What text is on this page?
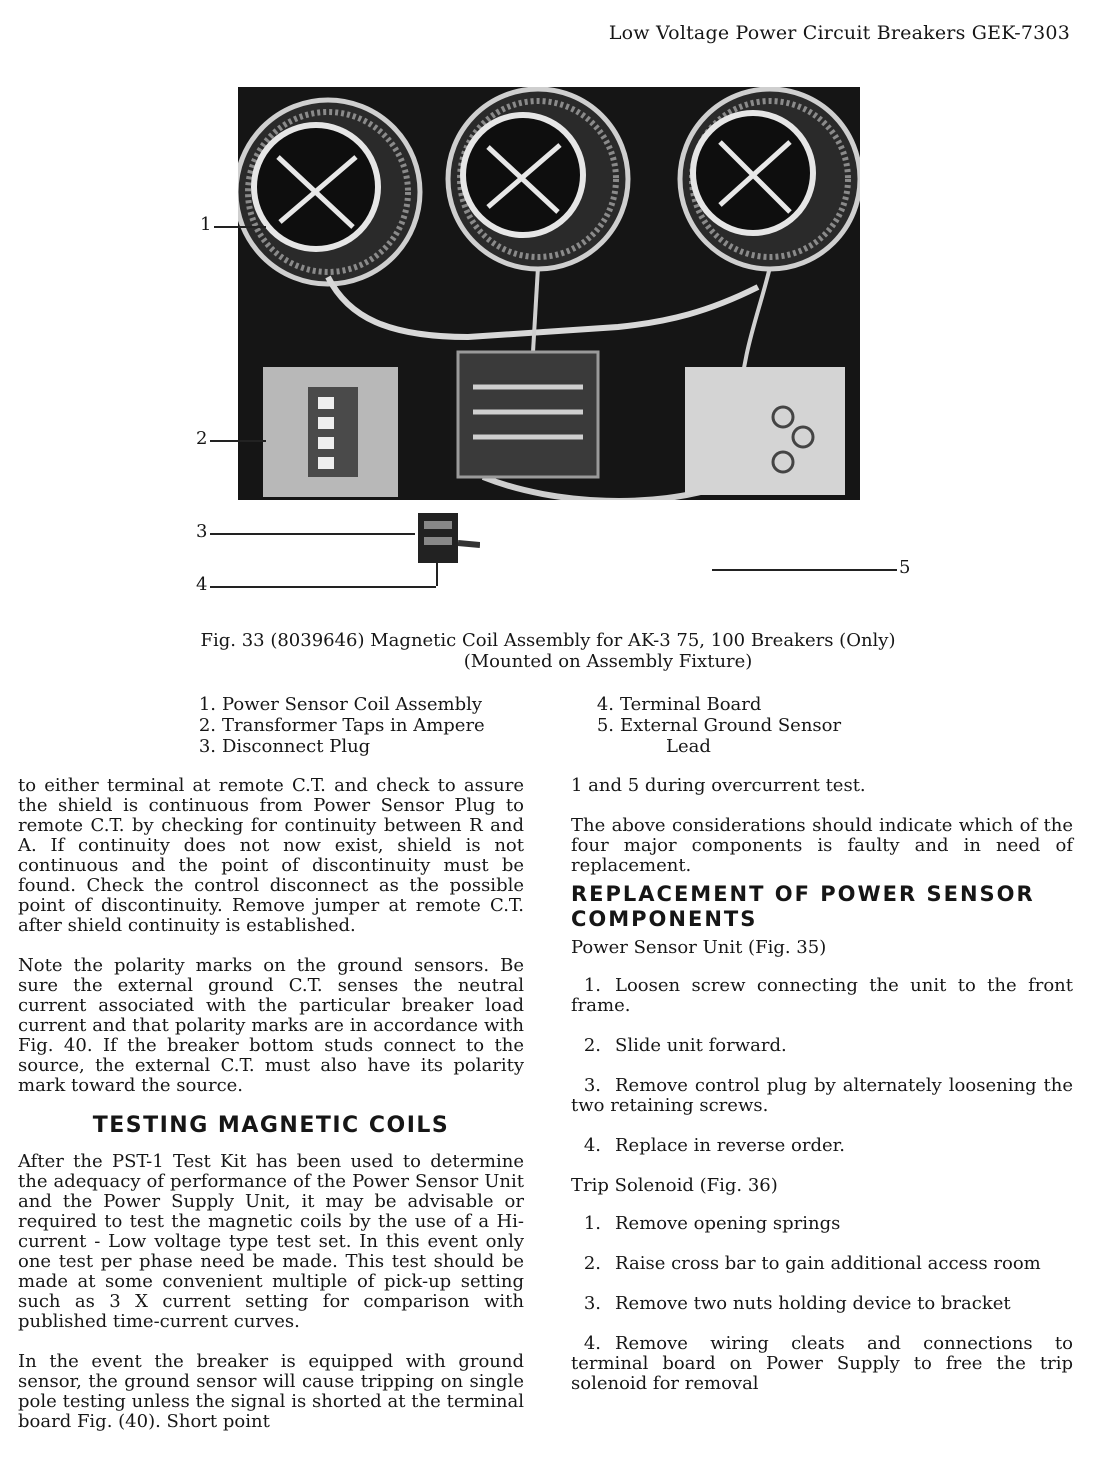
Low Voltage Power Circuit Breakers GEK-7303
1
2
3
4
5
Fig. 33 (8039646) Magnetic Coil Assembly for AK-3 75, 100 Breakers (Only)

(Mounted on Assembly Fixture)
1. Power Sensor Coil Assembly
2. Transformer Taps in Ampere
3. Disconnect Plug
4. Terminal Board
5. External Ground Sensor
Lead

to either terminal at remote C.T. and check to assure the shield is continuous from Power Sensor Plug to remote C.T. by checking for continuity between R and A. If continuity does not now exist, shield is not continuous and the point of discontinuity must be found. Check the control disconnect as the possible point of discontinuity. Remove jumper at remote C.T. after shield continuity is established.

Note the polarity marks on the ground sensors. Be sure the external ground C.T. senses the neutral current associated with the particular breaker load current and that polarity marks are in accordance with Fig. 40. If the breaker bottom studs connect to the source, the external C.T. must also have its polarity mark toward the source.

TESTING MAGNETIC COILS

After the PST-1 Test Kit has been used to determine the adequacy of performance of the Power Sensor Unit and the Power Supply Unit, it may be advisable or required to test the magnetic coils by the use of a Hi-current - Low voltage type test set. In this event only one test per phase need be made. This test should be made at some convenient multiple of pick-up setting such as 3 X current setting for comparison with published time-current curves.

In the event the breaker is equipped with ground sensor, the ground sensor will cause tripping on single pole testing unless the signal is shorted at the terminal board Fig. (40). Short point

1 and 5 during overcurrent test.

The above considerations should indicate which of the four major components is faulty and in need of replacement.

REPLACEMENT OF POWER SENSOR COMPONENTS
Power Sensor Unit (Fig. 35)
1. Loosen screw connecting the unit to the front frame.
2. Slide unit forward.
3. Remove control plug by alternately loosening the two retaining screws.
4. Replace in reverse order.
Trip Solenoid (Fig. 36)
1. Remove opening springs
2. Raise cross bar to gain additional access room
3. Remove two nuts holding device to bracket
4. Remove wiring cleats and connections to terminal board on Power Supply to free the trip solenoid for removal
